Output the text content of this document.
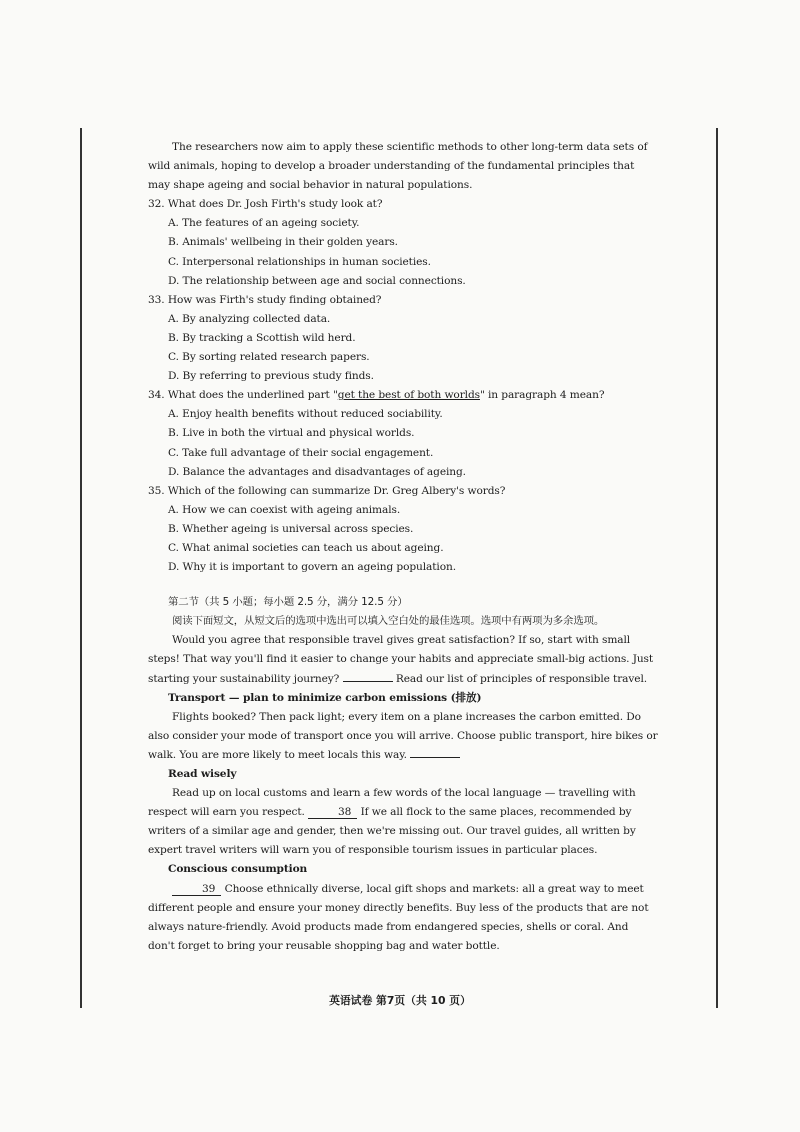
The researchers now aim to apply these scientific methods to other long-term data sets of wild animals, hoping to develop a broader understanding of the fundamental principles that may shape ageing and social behavior in natural populations.

32. What does Dr. Josh Firth's study look at?

A. The features of an ageing society.

B. Animals' wellbeing in their golden years.

C. Interpersonal relationships in human societies.

D. The relationship between age and social connections.

33. How was Firth's study finding obtained?

A. By analyzing collected data.

B. By tracking a Scottish wild herd.

C. By sorting related research papers.

D. By referring to previous study finds.

34. What does the underlined part "get the best of both worlds" in paragraph 4 mean?

A. Enjoy health benefits without reduced sociability.

B. Live in both the virtual and physical worlds.

C. Take full advantage of their social engagement.

D. Balance the advantages and disadvantages of ageing.

35. Which of the following can summarize Dr. Greg Albery's words?

A. How we can coexist with ageing animals.

B. Whether ageing is universal across species.

C. What animal societies can teach us about ageing.

D. Why it is important to govern an ageing population.

第二节（共 5 小题；每小题 2.5 分，满分 12.5 分）

阅读下面短文，从短文后的选项中选出可以填入空白处的最佳选项。选项中有两项为多余选项。

Would you agree that responsible travel gives great satisfaction? If so, start with small steps! That way you'll find it easier to change your habits and appreciate small-big actions. Just starting your sustainability journey?	Read our list of principles of responsible travel.

Transport — plan to minimize carbon emissions (排放)

Flights booked? Then pack light; every item on a plane increases the carbon emitted. Do also consider your mode of transport once you will arrive. Choose public transport, hire bikes or walk. You are more likely to meet locals this way.

Read wisely

Read up on local customs and learn a few words of the local language — travelling with respect will earn you respect.	38 If we all flock to the same places, recommended by writers of a similar age and gender, then we're missing out. Our travel guides, all written by expert travel writers will warn you of responsible tourism issues in particular places.

Conscious consumption

39 Choose ethnically diverse, local gift shops and markets: all a great way to meet different people and ensure your money directly benefits. Buy less of the products that are not always nature-friendly. Avoid products made from endangered species, shells or coral. And don't forget to bring your reusable shopping bag and water bottle.

英语试卷 第7页（共 10 页）
